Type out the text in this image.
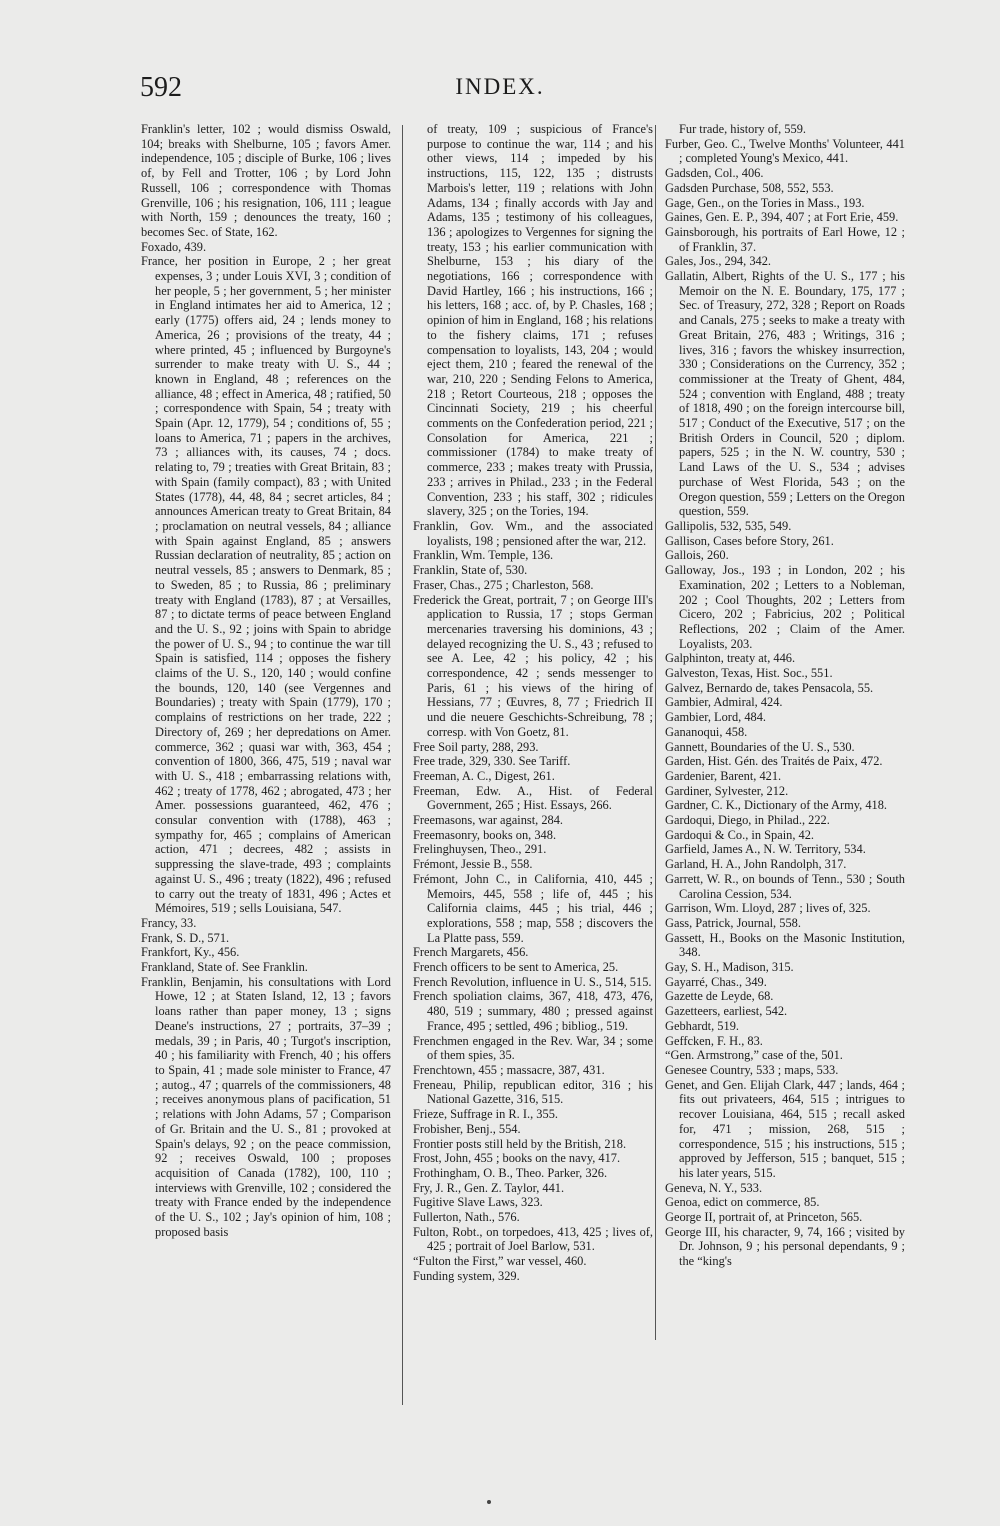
592	INDEX.

Franklin's letter, 102 ; would dismiss Oswald, 104; breaks with Shelburne, 105 ; favors Amer. independence, 105 ; disciple of Burke, 106 ; lives of, by Fell and Trotter, 106 ; by Lord John Russell, 106 ; correspondence with Thomas Grenville, 106 ; his resignation, 106, 111 ; league with North, 159 ; denounces the treaty, 160 ; becomes Sec. of State, 162.

Foxado, 439.

France, her position in Europe, 2 ; her great expenses, 3 ; under Louis XVI, 3 ; condition of her people, 5 ; her government, 5 ; her minister in England intimates her aid to America, 12 ; early (1775) offers aid, 24 ; lends money to America, 26 ; provisions of the treaty, 44 ; where printed, 45 ; influenced by Burgoyne's surrender to make treaty with U. S., 44 ; known in England, 48 ; references on the alliance, 48 ; effect in America, 48 ; ratified, 50 ; correspondence with Spain, 54 ; treaty with Spain (Apr. 12, 1779), 54 ; conditions of, 55 ; loans to America, 71 ; papers in the archives, 73 ; alliances with, its causes, 74 ; docs. relating to, 79 ; treaties with Great Britain, 83 ; with Spain (family compact), 83 ; with United States (1778), 44, 48, 84 ; secret articles, 84 ; announces American treaty to Great Britain, 84 ; proclamation on neutral vessels, 84 ; alliance with Spain against England, 85 ; answers Russian declaration of neutrality, 85 ; action on neutral vessels, 85 ; answers to Denmark, 85 ; to Sweden, 85 ; to Russia, 86 ; preliminary treaty with England (1783), 87 ; at Versailles, 87 ; to dictate terms of peace between England and the U. S., 92 ; joins with Spain to abridge the power of U. S., 94 ; to continue the war till Spain is satisfied, 114 ; opposes the fishery claims of the U. S., 120, 140 ; would confine the bounds, 120, 140 (see Vergennes and Boundaries) ; treaty with Spain (1779), 170 ; complains of restrictions on her trade, 222 ; Directory of, 269 ; her depredations on Amer. commerce, 362 ; quasi war with, 363, 454 ; convention of 1800, 366, 475, 519 ; naval war with U. S., 418 ; embarrassing relations with, 462 ; treaty of 1778, 462 ; abrogated, 473 ; her Amer. possessions guaranteed, 462, 476 ; consular convention with (1788), 463 ; sympathy for, 465 ; complains of American action, 471 ; decrees, 482 ; assists in suppressing the slave-trade, 493 ; complaints against U. S., 496 ; treaty (1822), 496 ; refused to carry out the treaty of 1831, 496 ; Actes et Mémoires, 519 ; sells Louisiana, 547.

Francy, 33.

Frank, S. D., 571.

Frankfort, Ky., 456.

Frankland, State of. See Franklin.

Franklin, Benjamin, his consultations with Lord Howe, 12 ; at Staten Island, 12, 13 ; favors loans rather than paper money, 13 ; signs Deane's instructions, 27 ; portraits, 37–39 ; medals, 39 ; in Paris, 40 ; Turgot's inscription, 40 ; his familiarity with French, 40 ; his offers to Spain, 41 ; made sole minister to France, 47 ; autog., 47 ; quarrels of the commissioners, 48 ; receives anonymous plans of pacification, 51 ; relations with John Adams, 57 ; Comparison of Gr. Britain and the U. S., 81 ; provoked at Spain's delays, 92 ; on the peace commission, 92 ; receives Oswald, 100 ; proposes acquisition of Canada (1782), 100, 110 ; interviews with Grenville, 102 ; considered the treaty with France ended by the independence of the U. S., 102 ; Jay's opinion of him, 108 ; proposed basis

of treaty, 109 ; suspicious of France's purpose to continue the war, 114 ; and his other views, 114 ; impeded by his instructions, 115, 122, 135 ; distrusts Marbois's letter, 119 ; relations with John Adams, 134 ; finally accords with Jay and Adams, 135 ; testimony of his colleagues, 136 ; apologizes to Vergennes for signing the treaty, 153 ; his earlier communication with Shelburne, 153 ; his diary of the negotiations, 166 ; correspondence with David Hartley, 166 ; his instructions, 166 ; his letters, 168 ; acc. of, by P. Chasles, 168 ; opinion of him in England, 168 ; his relations to the fishery claims, 171 ; refuses compensation to loyalists, 143, 204 ; would eject them, 210 ; feared the renewal of the war, 210, 220 ; Sending Felons to America, 218 ; Retort Courteous, 218 ; opposes the Cincinnati Society, 219 ; his cheerful comments on the Confederation period, 221 ; Consolation for America, 221 ; commissioner (1784) to make treaty of commerce, 233 ; makes treaty with Prussia, 233 ; arrives in Philad., 233 ; in the Federal Convention, 233 ; his staff, 302 ; ridicules slavery, 325 ; on the Tories, 194.

Franklin, Gov. Wm., and the associated loyalists, 198 ; pensioned after the war, 212.

Franklin, Wm. Temple, 136.

Franklin, State of, 530.

Fraser, Chas., 275 ; Charleston, 568.

Frederick the Great, portrait, 7 ; on George III's application to Russia, 17 ; stops German mercenaries traversing his dominions, 43 ; delayed recognizing the U. S., 43 ; refused to see A. Lee, 42 ; his policy, 42 ; his correspondence, 42 ; sends messenger to Paris, 61 ; his views of the hiring of Hessians, 77 ; Œuvres, 8, 77 ; Friedrich II und die neuere Geschichts-Schreibung, 78 ; corresp. with Von Goetz, 81.

Free Soil party, 288, 293.

Free trade, 329, 330. See Tariff.

Freeman, A. C., Digest, 261.

Freeman, Edw. A., Hist. of Federal Government, 265 ; Hist. Essays, 266.

Freemasons, war against, 284.

Freemasonry, books on, 348.

Frelinghuysen, Theo., 291.

Frémont, Jessie B., 558.

Frémont, John C., in California, 410, 445 ; Memoirs, 445, 558 ; life of, 445 ; his California claims, 445 ; his trial, 446 ; explorations, 558 ; map, 558 ; discovers the La Platte pass, 559.

French Margarets, 456.

French officers to be sent to America, 25.

French Revolution, influence in U. S., 514, 515.

French spoliation claims, 367, 418, 473, 476, 480, 519 ; summary, 480 ; pressed against France, 495 ; settled, 496 ; bibliog., 519.

Frenchmen engaged in the Rev. War, 34 ; some of them spies, 35.

Frenchtown, 455 ; massacre, 387, 431.

Freneau, Philip, republican editor, 316 ; his National Gazette, 316, 515.

Frieze, Suffrage in R. I., 355.

Frobisher, Benj., 554.

Frontier posts still held by the British, 218.

Frost, John, 455 ; books on the navy, 417.

Frothingham, O. B., Theo. Parker, 326.

Fry, J. R., Gen. Z. Taylor, 441.

Fugitive Slave Laws, 323.

Fullerton, Nath., 576.

Fulton, Robt., on torpedoes, 413, 425 ; lives of, 425 ; portrait of Joel Barlow, 531.

“Fulton the First,” war vessel, 460.

Funding system, 329.

Fur trade, history of, 559.

Furber, Geo. C., Twelve Months' Volunteer, 441 ; completed Young's Mexico, 441.

Gadsden, Col., 406.

Gadsden Purchase, 508, 552, 553.

Gage, Gen., on the Tories in Mass., 193.

Gaines, Gen. E. P., 394, 407 ; at Fort Erie, 459.

Gainsborough, his portraits of Earl Howe, 12 ; of Franklin, 37.

Gales, Jos., 294, 342.

Gallatin, Albert, Rights of the U. S., 177 ; his Memoir on the N. E. Boundary, 175, 177 ; Sec. of Treasury, 272, 328 ; Report on Roads and Canals, 275 ; seeks to make a treaty with Great Britain, 276, 483 ; Writings, 316 ; lives, 316 ; favors the whiskey insurrection, 330 ; Considerations on the Currency, 352 ; commissioner at the Treaty of Ghent, 484, 524 ; convention with England, 488 ; treaty of 1818, 490 ; on the foreign intercourse bill, 517 ; Conduct of the Executive, 517 ; on the British Orders in Council, 520 ; diplom. papers, 525 ; in the N. W. country, 530 ; Land Laws of the U. S., 534 ; advises purchase of West Florida, 543 ; on the Oregon question, 559 ; Letters on the Oregon question, 559.

Gallipolis, 532, 535, 549.

Gallison, Cases before Story, 261.

Gallois, 260.

Galloway, Jos., 193 ; in London, 202 ; his Examination, 202 ; Letters to a Nobleman, 202 ; Cool Thoughts, 202 ; Letters from Cicero, 202 ; Fabricius, 202 ; Political Reflections, 202 ; Claim of the Amer. Loyalists, 203.

Galphinton, treaty at, 446.

Galveston, Texas, Hist. Soc., 551.

Galvez, Bernardo de, takes Pensacola, 55.

Gambier, Admiral, 424.

Gambier, Lord, 484.

Gananoqui, 458.

Gannett, Boundaries of the U. S., 530.

Garden, Hist. Gén. des Traités de Paix, 472.

Gardenier, Barent, 421.

Gardiner, Sylvester, 212.

Gardner, C. K., Dictionary of the Army, 418.

Gardoqui, Diego, in Philad., 222.

Gardoqui & Co., in Spain, 42.

Garfield, James A., N. W. Territory, 534.

Garland, H. A., John Randolph, 317.

Garrett, W. R., on bounds of Tenn., 530 ; South Carolina Cession, 534.

Garrison, Wm. Lloyd, 287 ; lives of, 325.

Gass, Patrick, Journal, 558.

Gassett, H., Books on the Masonic Institution, 348.

Gay, S. H., Madison, 315.

Gayarré, Chas., 349.

Gazette de Leyde, 68.

Gazetteers, earliest, 542.

Gebhardt, 519.

Geffcken, F. H., 83.

“Gen. Armstrong,” case of the, 501.

Genesee Country, 533 ; maps, 533.

Genet, and Gen. Elijah Clark, 447 ; lands, 464 ; fits out privateers, 464, 515 ; intrigues to recover Louisiana, 464, 515 ; recall asked for, 471 ; mission, 268, 515 ; correspondence, 515 ; his instructions, 515 ; approved by Jefferson, 515 ; banquet, 515 ; his later years, 515.

Geneva, N. Y., 533.

Genoa, edict on commerce, 85.

George II, portrait of, at Princeton, 565.

George III, his character, 9, 74, 166 ; visited by Dr. Johnson, 9 ; his personal dependants, 9 ; the “king's
